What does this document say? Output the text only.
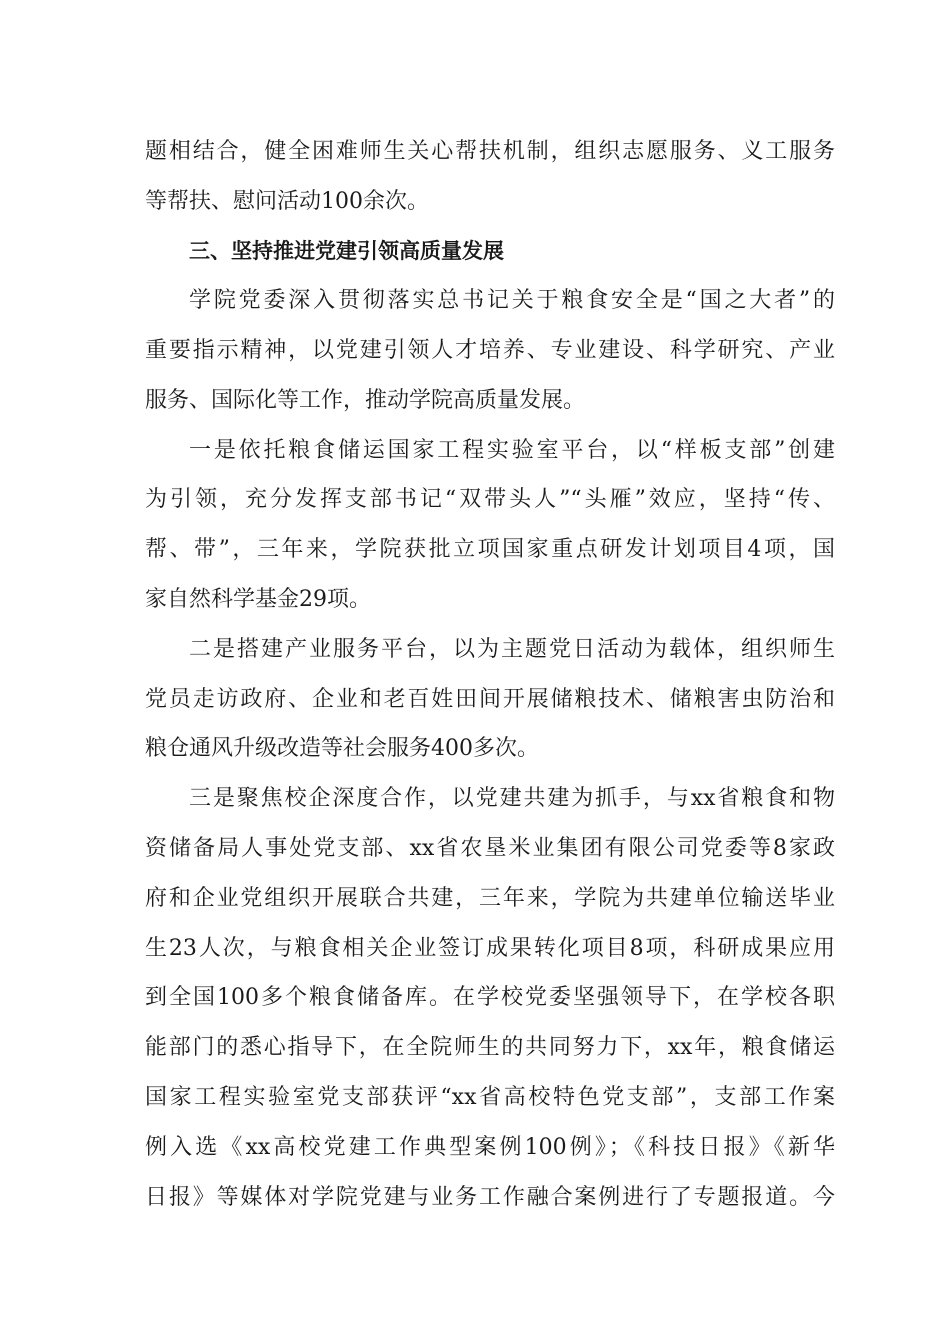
题相结合，健全困难师生关心帮扶机制，组织志愿服务、义工服务
等帮扶、慰问活动100余次。
三、坚持推进党建引领高质量发展
学院党委深入贯彻落实总书记关于粮食安全是“国之大者”的
重要指示精神，以党建引领人才培养、专业建设、科学研究、产业
服务、国际化等工作，推动学院高质量发展。
一是依托粮食储运国家工程实验室平台，以“样板支部”创建
为引领，充分发挥支部书记“双带头人”“头雁”效应，坚持“传、
帮、带”，三年来，学院获批立项国家重点研发计划项目4项，国
家自然科学基金29项。
二是搭建产业服务平台，以为主题党日活动为载体，组织师生
党员走访政府、企业和老百姓田间开展储粮技术、储粮害虫防治和
粮仓通风升级改造等社会服务400多次。
三是聚焦校企深度合作，以党建共建为抓手，与xx省粮食和物
资储备局人事处党支部、xx省农垦米业集团有限公司党委等8家政
府和企业党组织开展联合共建，三年来，学院为共建单位输送毕业
生23人次，与粮食相关企业签订成果转化项目8项，科研成果应用
到全国100多个粮食储备库。在学校党委坚强领导下，在学校各职
能部门的悉心指导下，在全院师生的共同努力下，xx年，粮食储运
国家工程实验室党支部获评“xx省高校特色党支部”，支部工作案
例入选《xx高校党建工作典型案例100例》；《科技日报》《新华
日报》等媒体对学院党建与业务工作融合案例进行了专题报道。今
